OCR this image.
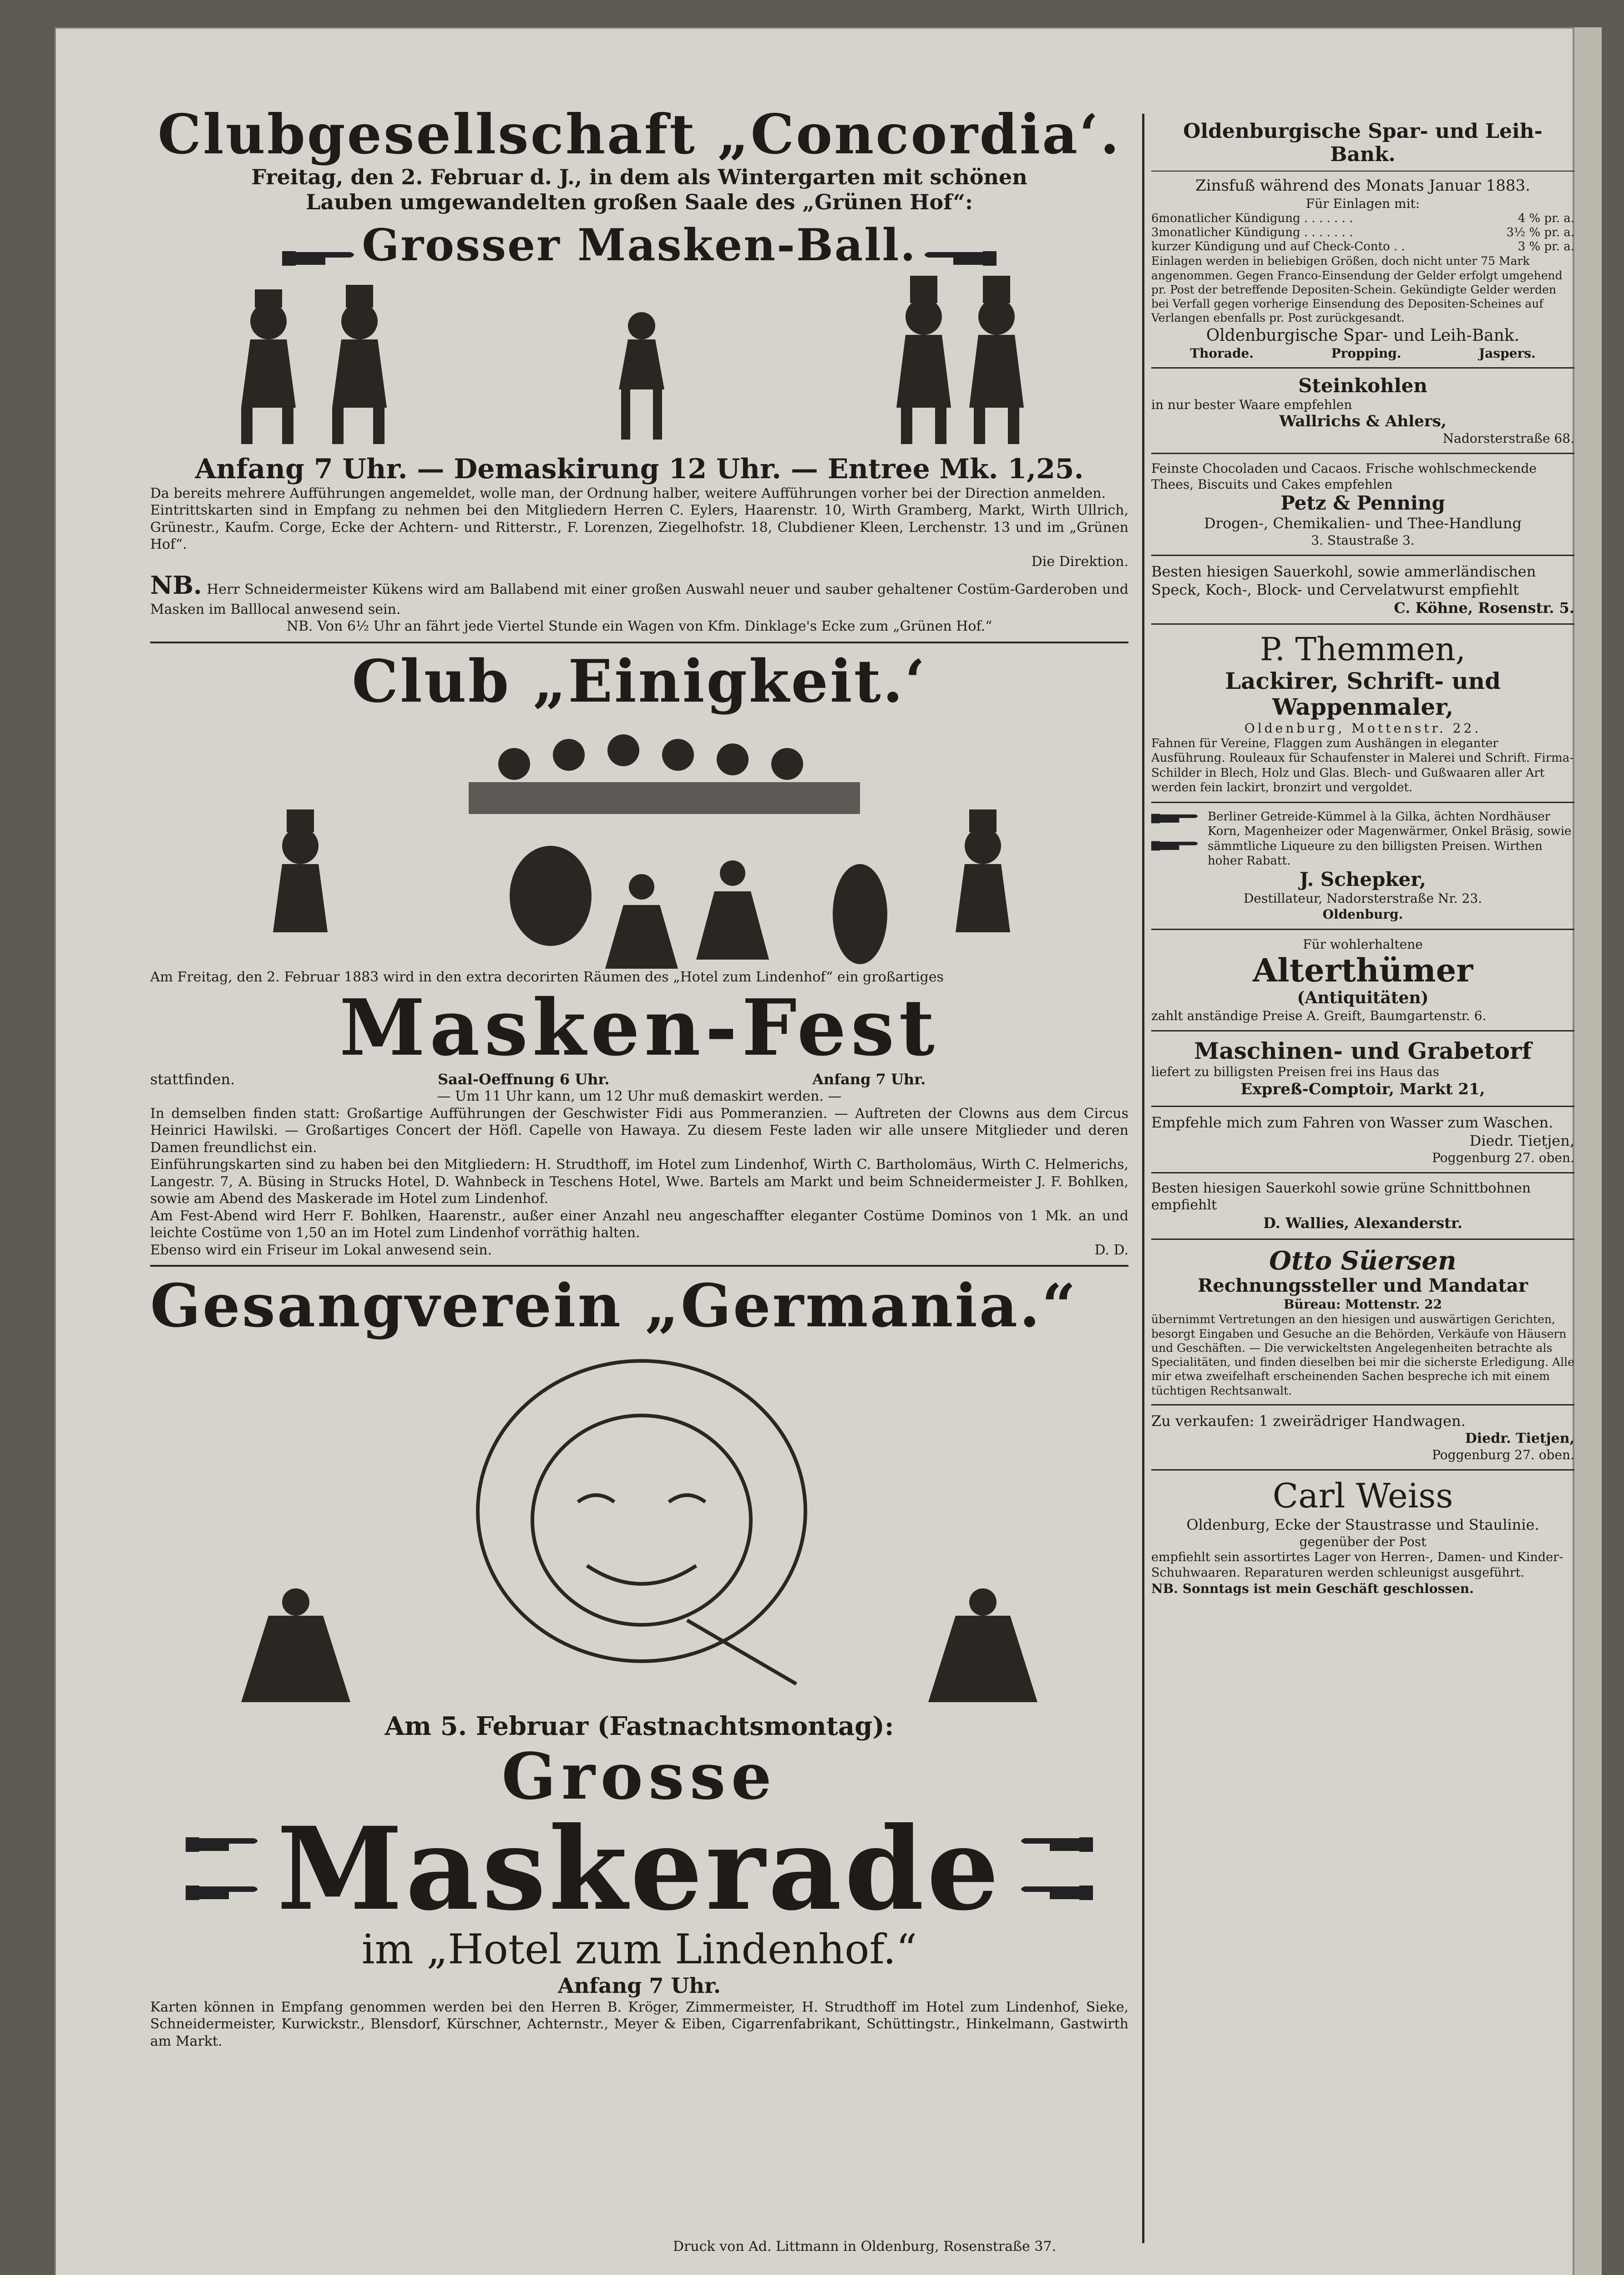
Clubgesellschaft „Concordia‘.
Freitag, den 2. Februar d. J., in dem als Wintergarten mit schönen
Lauben umgewandelten großen Saale des „Grünen Hof“:
Grosser Masken-Ball.
Anfang 7 Uhr. — Demaskirung 12 Uhr. — Entree Mk. 1,25.
Da bereits mehrere Aufführungen angemeldet, wolle man, der Ordnung halber, weitere Aufführungen vorher bei der Direction anmelden.
Eintrittskarten sind in Empfang zu nehmen bei den Mitgliedern Herren C. Eylers, Haarenstr. 10, Wirth Gramberg, Markt, Wirth Ullrich, Grünestr., Kaufm. Corge, Ecke der Achtern- und Ritterstr., F. Lorenzen, Ziegelhofstr. 18, Clubdiener Kleen, Lerchenstr. 13 und im „Grünen Hof“.
Die Direktion.
NB. Herr Schneidermeister Kükens wird am Ballabend mit einer großen Auswahl neuer und sauber gehaltener Costüm-Garderoben und Masken im Balllocal anwesend sein.
NB. Von 6½ Uhr an fährt jede Viertel Stunde ein Wagen von Kfm. Dinklage's Ecke zum „Grünen Hof.“
Club „Einigkeit.‘
Am Freitag, den 2. Februar 1883 wird in den extra decorirten Räumen des „Hotel zum Lindenhof“ ein großartiges
Masken-Fest
stattfinden.	Saal-Oeffnung 6 Uhr.	Anfang 7 Uhr.
— Um 11 Uhr kann, um 12 Uhr muß demaskirt werden. —
In demselben finden statt: Großartige Aufführungen der Geschwister Fidi aus Pommeranzien. — Auftreten der Clowns aus dem Circus Heinrici Hawilski. — Großartiges Concert der Höfl. Capelle von Hawaya. Zu diesem Feste laden wir alle unsere Mitglieder und deren Damen freundlichst ein.
Einführungskarten sind zu haben bei den Mitgliedern: H. Strudthoff, im Hotel zum Lindenhof, Wirth C. Bartholomäus, Wirth C. Helmerichs, Langestr. 7, A. Büsing in Strucks Hotel, D. Wahnbeck in Teschens Hotel, Wwe. Bartels am Markt und beim Schneidermeister J. F. Bohlken, sowie am Abend des Maskerade im Hotel zum Lindenhof.
Am Fest-Abend wird Herr F. Bohlken, Haarenstr., außer einer Anzahl neu angeschaffter eleganter Costüme Dominos von 1 Mk. an und leichte Costüme von 1,50 an im Hotel zum Lindenhof vorräthig halten.
Ebenso wird ein Friseur im Lokal anwesend sein.	D. D.
Gesangverein „Germania.“
Am 5. Februar (Fastnachtsmontag):
Grosse
Maskerade
im „Hotel zum Lindenhof.“
Anfang 7 Uhr.
Karten können in Empfang genommen werden bei den Herren B. Kröger, Zimmermeister, H. Strudthoff im Hotel zum Lindenhof, Sieke, Schneidermeister, Kurwickstr., Blensdorf, Kürschner, Achternstr., Meyer & Eiben, Cigarrenfabrikant, Schüttingstr., Hinkelmann, Gastwirth am Markt.
Oldenburgische Spar- und Leih-Bank.
Zinsfuß während des Monats Januar 1883.
Für Einlagen mit:
6monatlicher Kündigung . . . . . . .	4 % pr. a.
3monatlicher Kündigung . . . . . . .	3½ % pr. a.
kurzer Kündigung und auf Check-Conto . .	3 % pr. a.
Einlagen werden in beliebigen Größen, doch nicht unter 75 Mark angenommen. Gegen Franco-Einsendung der Gelder erfolgt umgehend pr. Post der betreffende Depositen-Schein. Gekündigte Gelder werden bei Verfall gegen vorherige Einsendung des Depositen-Scheines auf Verlangen ebenfalls pr. Post zurückgesandt.
Oldenburgische Spar- und Leih-Bank.
Thorade.	Propping.	Jaspers.
Steinkohlen
in nur bester Waare empfehlen
Wallrichs & Ahlers,
Nadorsterstraße 68.
Feinste Chocoladen und Cacaos. Frische wohlschmeckende Thees, Biscuits und Cakes empfehlen
Petz & Penning
Drogen-, Chemikalien- und Thee-Handlung
3. Staustraße 3.
Besten hiesigen Sauerkohl, sowie ammerländischen Speck, Koch-, Block- und Cervelatwurst empfiehlt
C. Köhne, Rosenstr. 5.
P. Themmen,
Lackirer, Schrift- und Wappenmaler,
Oldenburg, Mottenstr. 22.
Fahnen für Vereine, Flaggen zum Aushängen in eleganter Ausführung. Rouleaux für Schaufenster in Malerei und Schrift. Firma-Schilder in Blech, Holz und Glas. Blech- und Gußwaaren aller Art werden fein lackirt, bronzirt und vergoldet.
Berliner Getreide-Kümmel à la Gilka, ächten Nordhäuser Korn, Magenheizer oder Magenwärmer, Onkel Bräsig, sowie sämmtliche Liqueure zu den billigsten Preisen. Wirthen hoher Rabatt.
J. Schepker,
Destillateur, Nadorsterstraße Nr. 23.
Oldenburg.
Für wohlerhaltene
Alterthümer
(Antiquitäten)
zahlt anständige Preise A. Greift, Baumgartenstr. 6.
Maschinen- und Grabetorf
liefert zu billigsten Preisen frei ins Haus das
Expreß-Comptoir, Markt 21,
Empfehle mich zum Fahren von Wasser zum Waschen.
Diedr. Tietjen,
Poggenburg 27. oben.
Besten hiesigen Sauerkohl sowie grüne Schnittbohnen empfiehlt
D. Wallies, Alexanderstr.
Otto Süersen
Rechnungssteller und Mandatar
Büreau: Mottenstr. 22
übernimmt Vertretungen an den hiesigen und auswärtigen Gerichten, besorgt Eingaben und Gesuche an die Behörden, Verkäufe von Häusern und Geschäften. — Die verwickeltsten Angelegenheiten betrachte als Specialitäten, und finden dieselben bei mir die sicherste Erledigung. Alle mir etwa zweifelhaft erscheinenden Sachen bespreche ich mit einem tüchtigen Rechtsanwalt.
Zu verkaufen: 1 zweirädriger Handwagen.
Diedr. Tietjen,
Poggenburg 27. oben.
Carl Weiss
Oldenburg, Ecke der Staustrasse und Staulinie.
gegenüber der Post
empfiehlt sein assortirtes Lager von Herren-, Damen- und Kinder-Schuhwaaren. Reparaturen werden schleunigst ausgeführt.
NB. Sonntags ist mein Geschäft geschlossen.
Druck von Ad. Littmann in Oldenburg, Rosenstraße 37.
